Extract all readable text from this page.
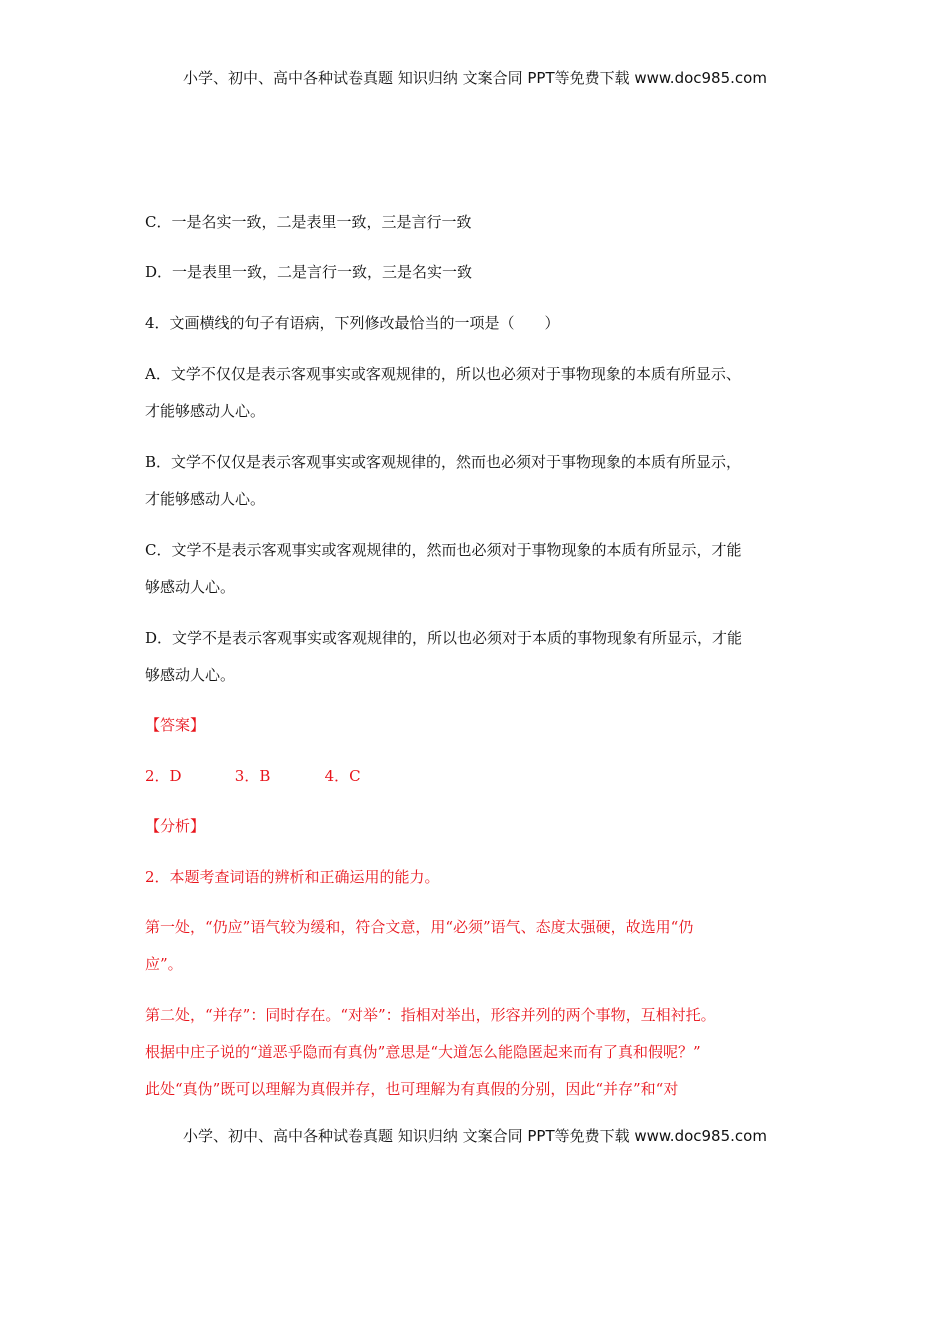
小学、初中、高中各种试卷真题 知识归纳 文案合同 PPT等免费下载 www.doc985.com
C．一是名实一致，二是表里一致，三是言行一致
D．一是表里一致，二是言行一致，三是名实一致
4．文画横线的句子有语病，下列修改最恰当的一项是（　　）
A．文学不仅仅是表示客观事实或客观规律的，所以也必须对于事物现象的本质有所显示、
才能够感动人心。
B．文学不仅仅是表示客观事实或客观规律的，然而也必须对于事物现象的本质有所显示，
才能够感动人心。
C．文学不是表示客观事实或客观规律的，然而也必须对于事物现象的本质有所显示，才能
够感动人心。
D．文学不是表示客观事实或客观规律的，所以也必须对于本质的事物现象有所显示，才能
够感动人心。
【答案】
2．D	3．B	4．C
【分析】
2．本题考查词语的辨析和正确运用的能力。
第一处，“仍应”语气较为缓和，符合文意，用“必须”语气、态度太强硬，故选用“仍
应”。
第二处，“并存”：同时存在。“对举”：指相对举出，形容并列的两个事物，互相衬托。
根据中庄子说的“道恶乎隐而有真伪”意思是“大道怎么能隐匿起来而有了真和假呢？”
此处“真伪”既可以理解为真假并存，也可理解为有真假的分别，因此“并存”和“对
小学、初中、高中各种试卷真题 知识归纳 文案合同 PPT等免费下载 www.doc985.com
